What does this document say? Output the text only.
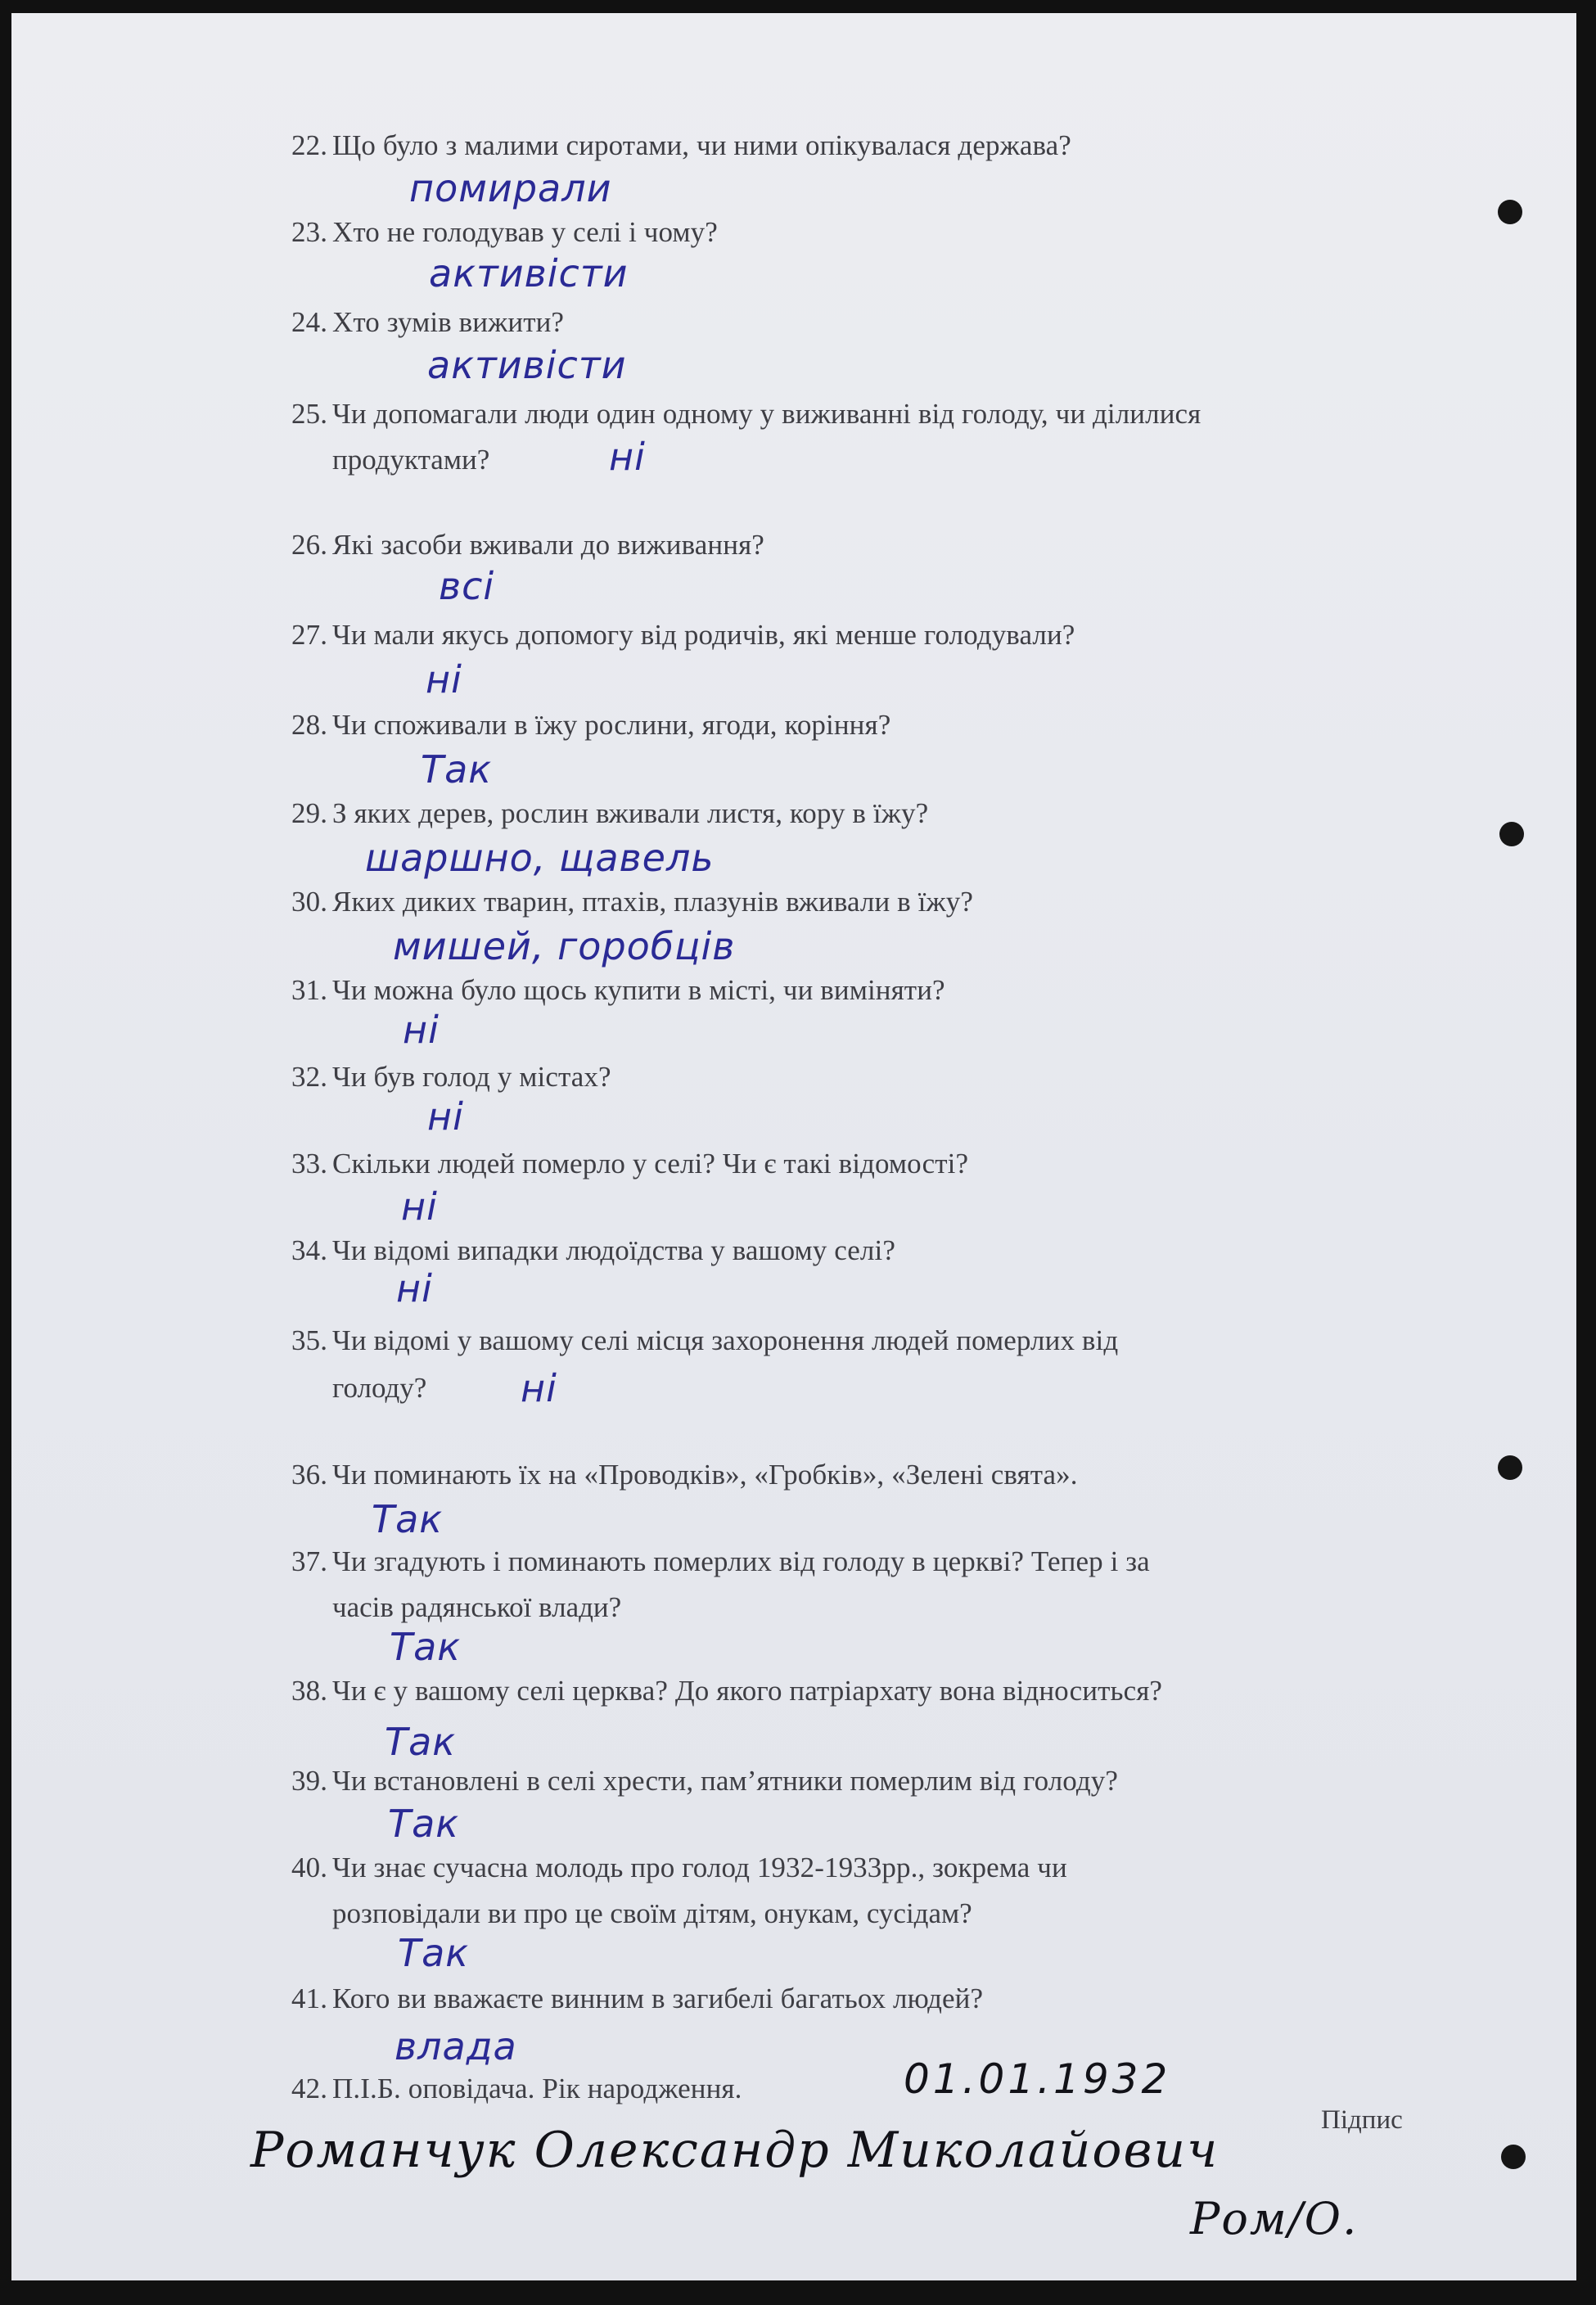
22. Що було з малими сиротами, чи ними опікувалася держава?
помирали
23. Хто не голодував у селі і чому?
активісти
24. Хто зумів вижити?
активісти
25. Чи допомагали люди один одному у виживанні від голоду, чи ділилися
продуктами?	ні
26. Які засоби вживали до виживання?
всі
27. Чи мали якусь допомогу від родичів, які менше голодували?
ні
28. Чи споживали в їжу рослини, ягоди, коріння?
Так
29. З яких дерев, рослин вживали листя, кору в їжу?
шаршно, щавель
30. Яких диких тварин, птахів, плазунів вживали в їжу?
мишей, горобців
31. Чи можна було щось купити в місті, чи виміняти?
ні
32. Чи був голод у містах?
ні
33. Скільки людей померло у селі? Чи є такі відомості?
ні
34. Чи відомі випадки людоїдства у вашому селі?
ні
35. Чи відомі у вашому селі місця захоронення людей померлих від
голоду? ні
36. Чи поминають їх на «Проводків», «Гробків», «Зелені свята».
Так
37. Чи згадують і поминають померлих від голоду в церкві? Тепер і за
часів радянської влади?
Так
38. Чи є у вашому селі церква? До якого патріархату вона відноситься?
Так
39. Чи встановлені в селі хрести, пам’ятники померлим від голоду?
Так
40. Чи знає сучасна молодь про голод 1932-1933рр., зокрема чи
розповідали ви про це своїм дітям, онукам, сусідам?
Так
41. Кого ви вважаєте винним в загибелі багатьох людей?
влада
42. П.І.Б. оповідача. Рік народження.	01.01.1932
Підпис
Романчук Олександр Миколайович
Ром/О.
